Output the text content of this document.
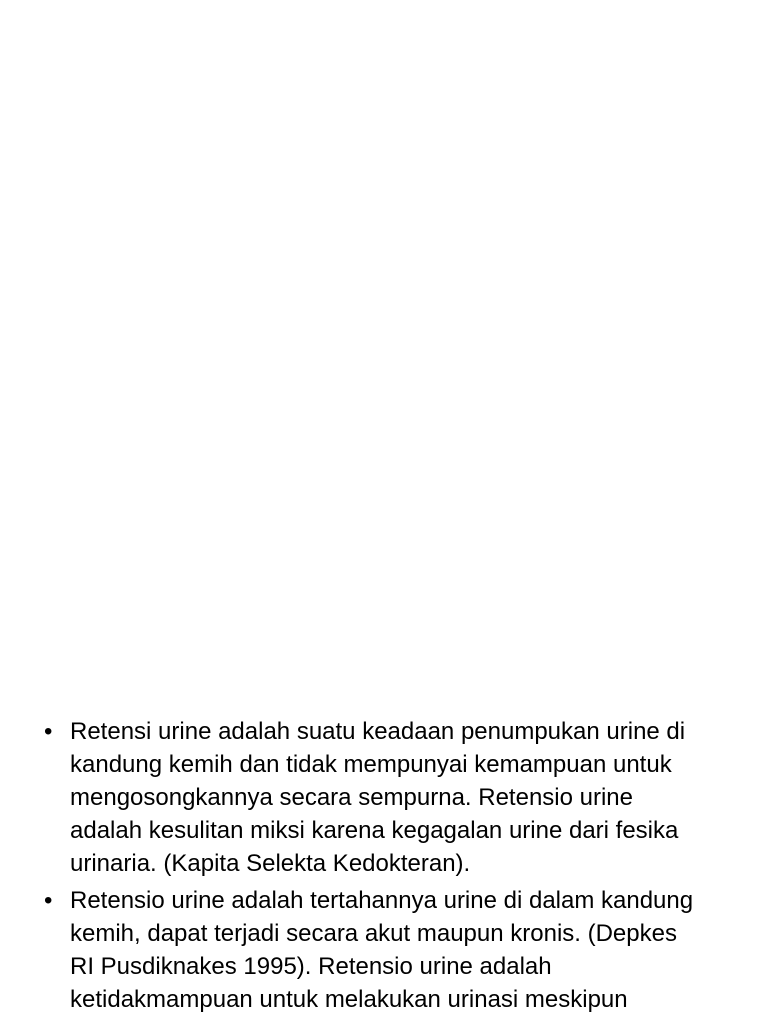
• Retensi urine adalah suatu keadaan penumpukan urine di
kandung kemih dan tidak mempunyai kemampuan untuk
mengosongkannya secara sempurna. Retensio urine
adalah kesulitan miksi karena kegagalan urine dari fesika
urinaria. (Kapita Selekta Kedokteran).
• Retensio urine adalah tertahannya urine di dalam kandung
kemih, dapat terjadi secara akut maupun kronis. (Depkes
RI Pusdiknakes 1995). Retensio urine adalah
ketidakmampuan untuk melakukan urinasi meskipun
